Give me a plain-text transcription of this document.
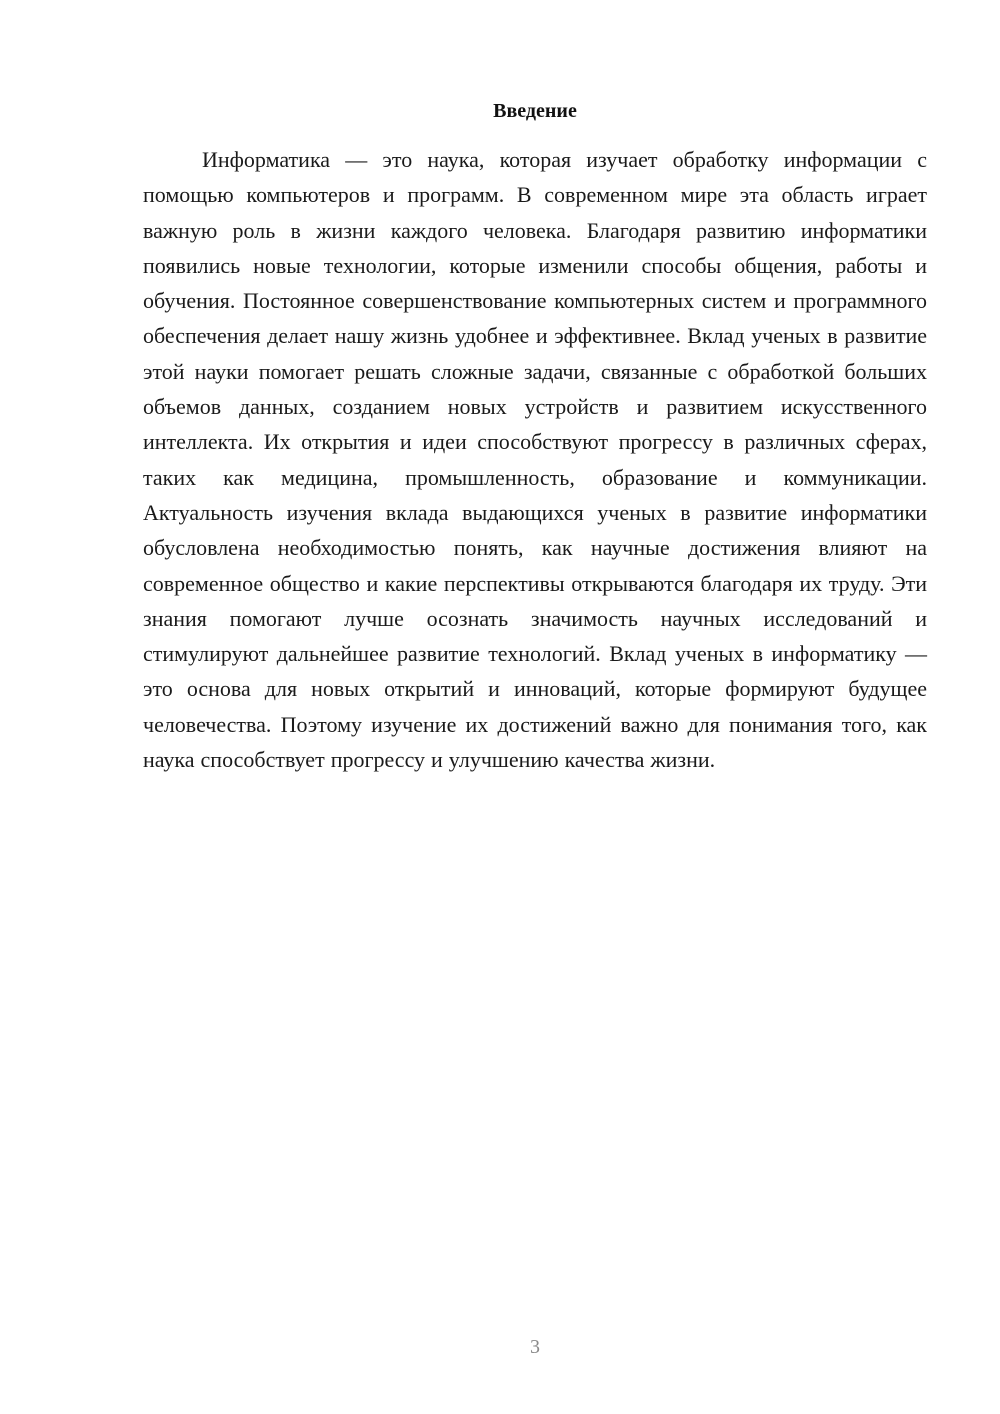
Введение

Информатика — это наука, которая изучает обработку информации с помощью компьютеров и программ. В современном мире эта область играет важную роль в жизни каждого человека. Благодаря развитию информатики появились новые технологии, которые изменили способы общения, работы и обучения. Постоянное совершенствование компьютерных систем и программного обеспечения делает нашу жизнь удобнее и эффективнее. Вклад ученых в развитие этой науки помогает решать сложные задачи, связанные с обработкой больших объемов данных, созданием новых устройств и развитием искусственного интеллекта. Их открытия и идеи способствуют прогрессу в различных сферах, таких как медицина, промышленность, образование и коммуникации. Актуальность изучения вклада выдающихся ученых в развитие информатики обусловлена необходимостью понять, как научные достижения влияют на современное общество и какие перспективы открываются благодаря их труду. Эти знания помогают лучше осознать значимость научных исследований и стимулируют дальнейшее развитие технологий. Вклад ученых в информатику — это основа для новых открытий и инноваций, которые формируют будущее человечества. Поэтому изучение их достижений важно для понимания того, как наука способствует прогрессу и улучшению качества жизни.

3
